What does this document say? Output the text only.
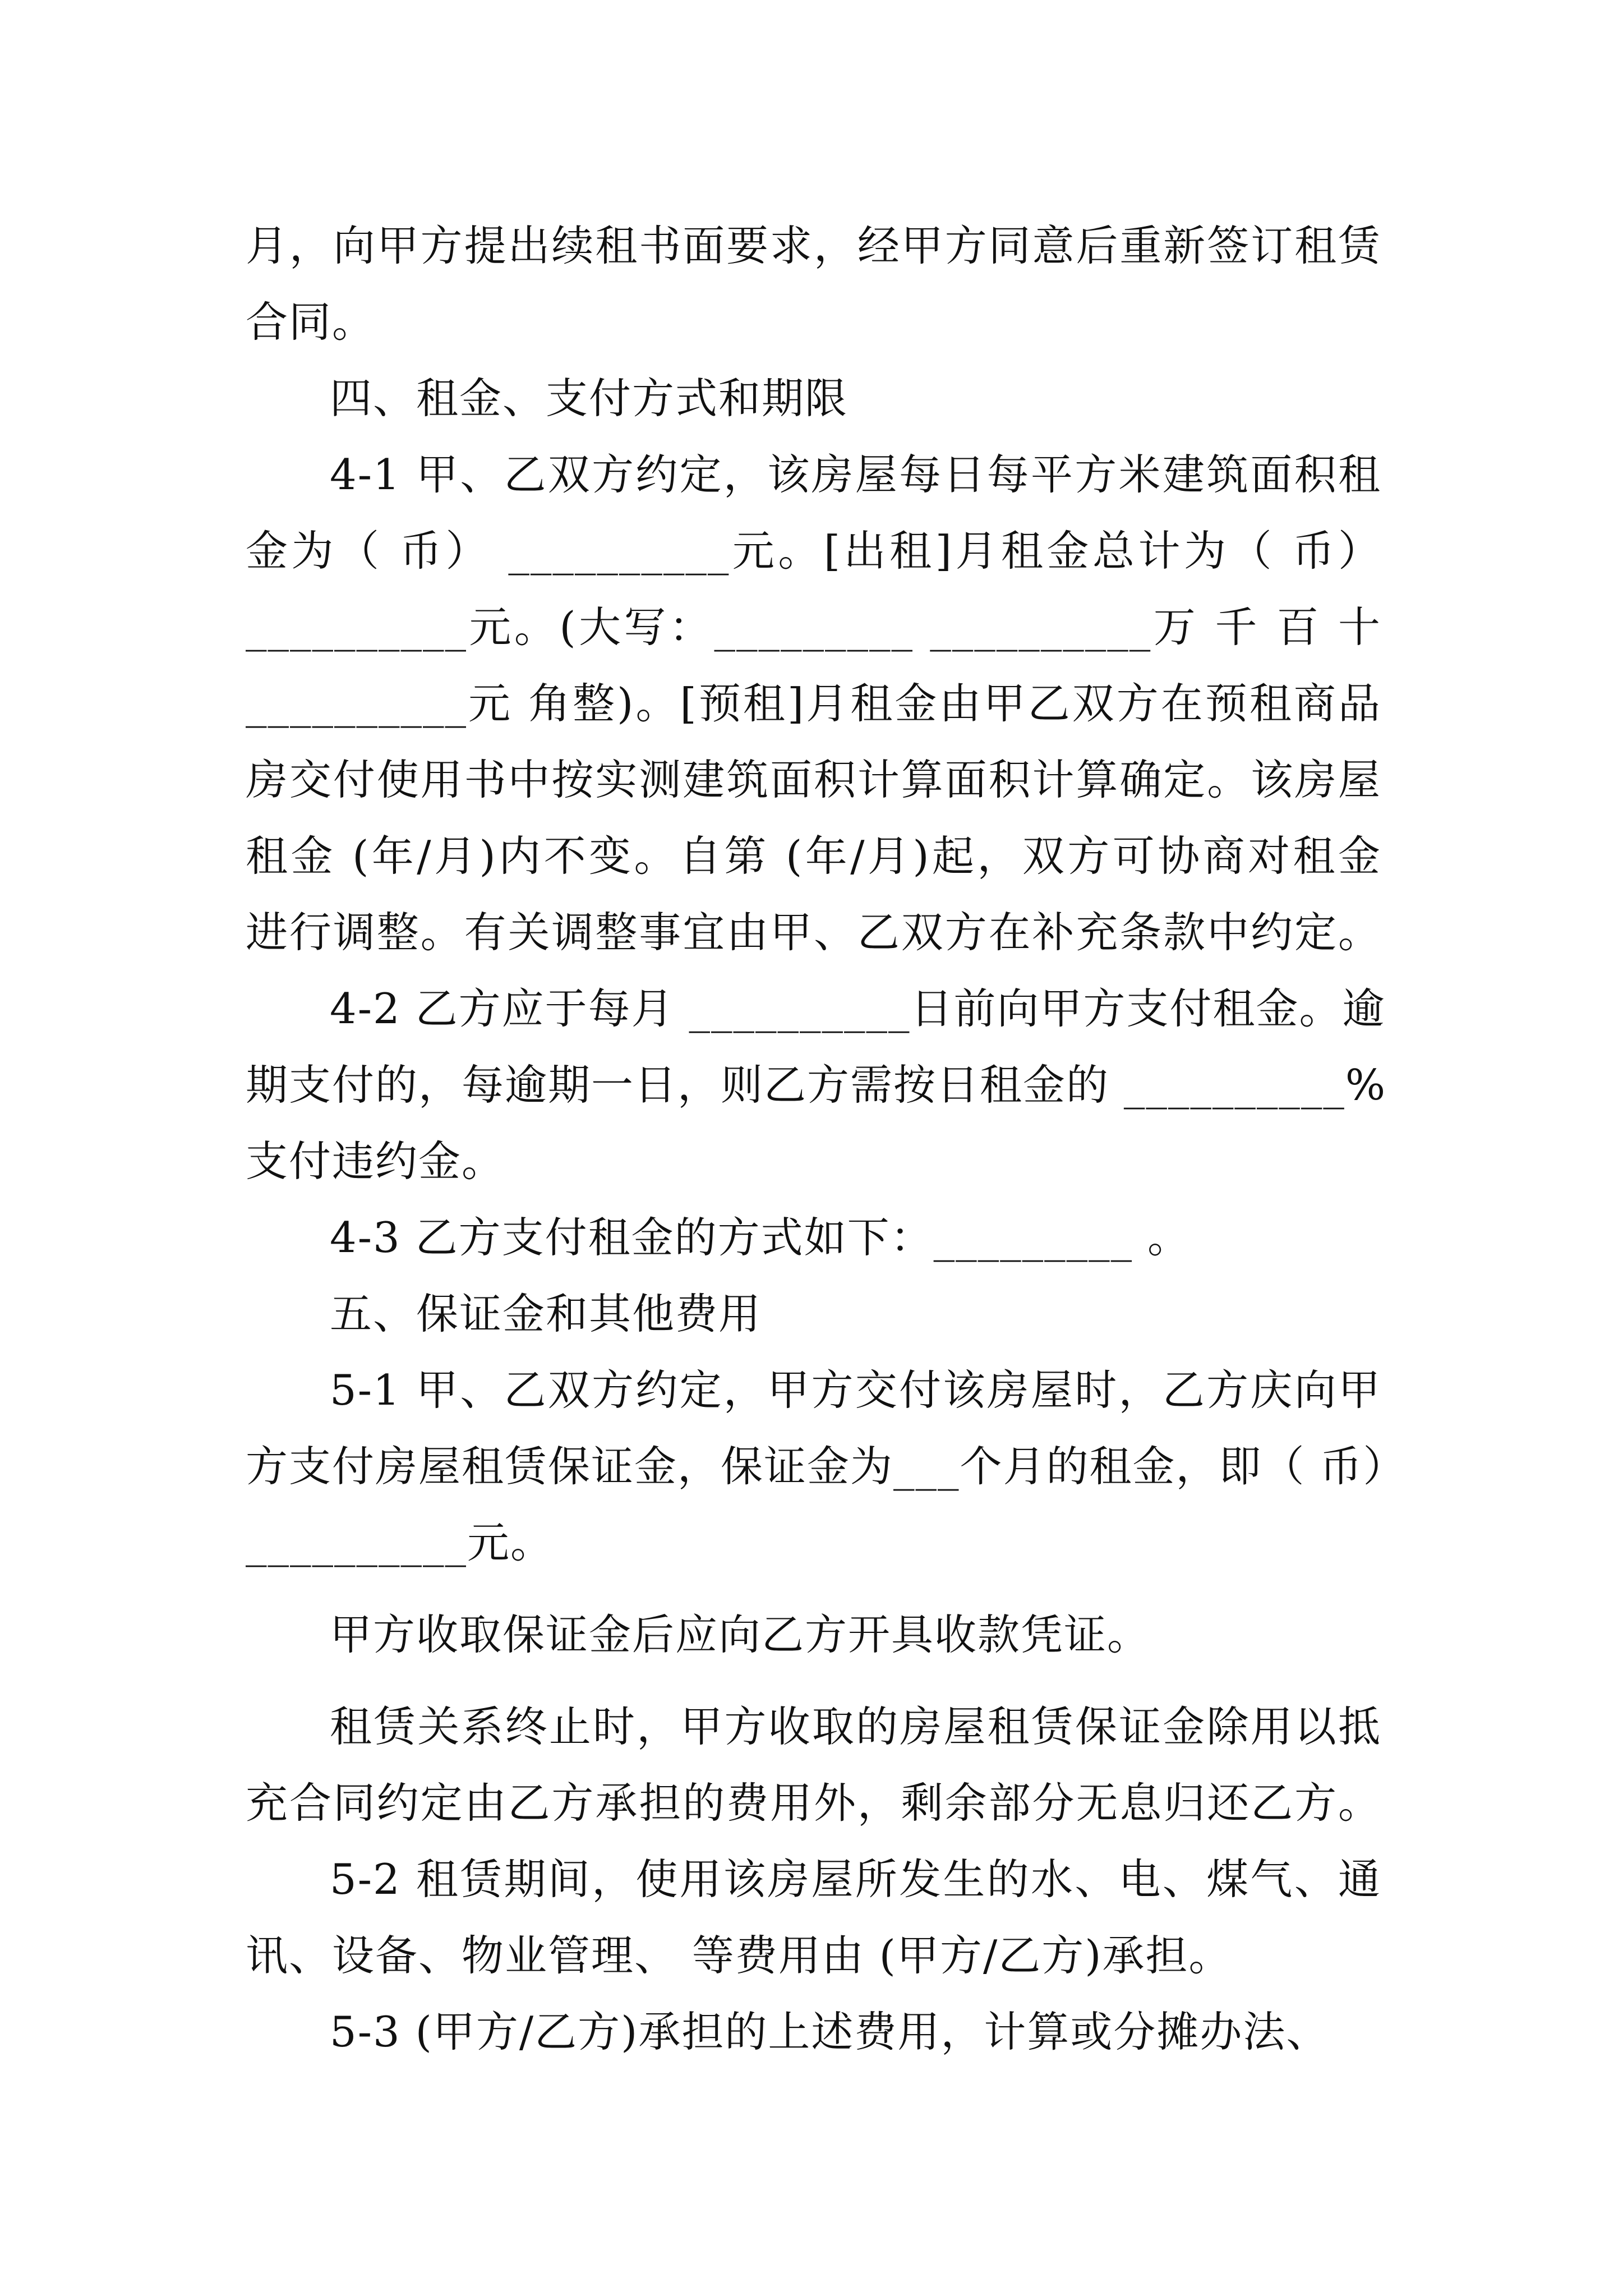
月，向甲方提出续租书面要求，经甲方同意后重新签订租赁
合同。
四、租金、支付方式和期限
4-1 甲、乙双方约定，该房屋每日每平方米建筑面积租
金为（ 币） __________元。[出租]月租金总计为（ 币）
__________元。(大写：_________ __________万 千 百 十
__________元 角整)。[预租]月租金由甲乙双方在预租商品
房交付使用书中按实测建筑面积计算面积计算确定。该房屋
租金 (年/月)内不变。自第 (年/月)起，双方可协商对租金
进行调整。有关调整事宜由甲、乙双方在补充条款中约定。
4-2 乙方应于每月 __________日前向甲方支付租金。逾
期支付的，每逾期一日，则乙方需按日租金的 __________%
支付违约金。
4-3 乙方支付租金的方式如下：_________ 。
五、保证金和其他费用
5-1 甲、乙双方约定，甲方交付该房屋时，乙方庆向甲
方支付房屋租赁保证金，保证金为___个月的租金，即（ 币）
__________元。
甲方收取保证金后应向乙方开具收款凭证。
租赁关系终止时，甲方收取的房屋租赁保证金除用以抵
充合同约定由乙方承担的费用外，剩余部分无息归还乙方。
5-2 租赁期间，使用该房屋所发生的水、电、煤气、通
讯、设备、物业管理、 等费用由 (甲方/乙方)承担。
5-3 (甲方/乙方)承担的上述费用，计算或分摊办法、
